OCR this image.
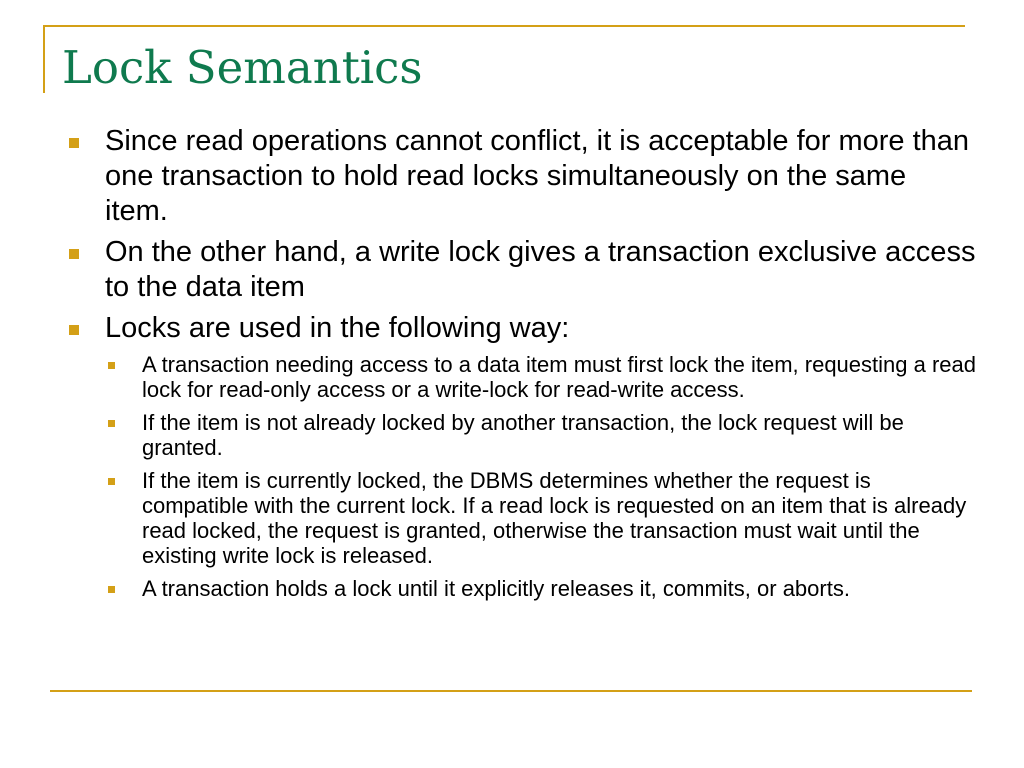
Lock Semantics
Since read operations cannot conflict, it is acceptable for more than one transaction to hold read locks simultaneously on the same item.
On the other hand, a write lock gives a transaction exclusive access to the data item
Locks are used in the following way:
A transaction needing access to a data item must first lock the item, requesting a read lock for read-only access or a write-lock for read-write access.
If the item is not already locked by another transaction, the lock request will be granted.
If the item is currently locked, the DBMS determines whether the request is compatible with the current lock. If a read lock is requested on an item that is already read locked, the request is granted, otherwise the transaction must wait until the existing write lock is released.
A transaction holds a lock until it explicitly releases it, commits, or aborts.
